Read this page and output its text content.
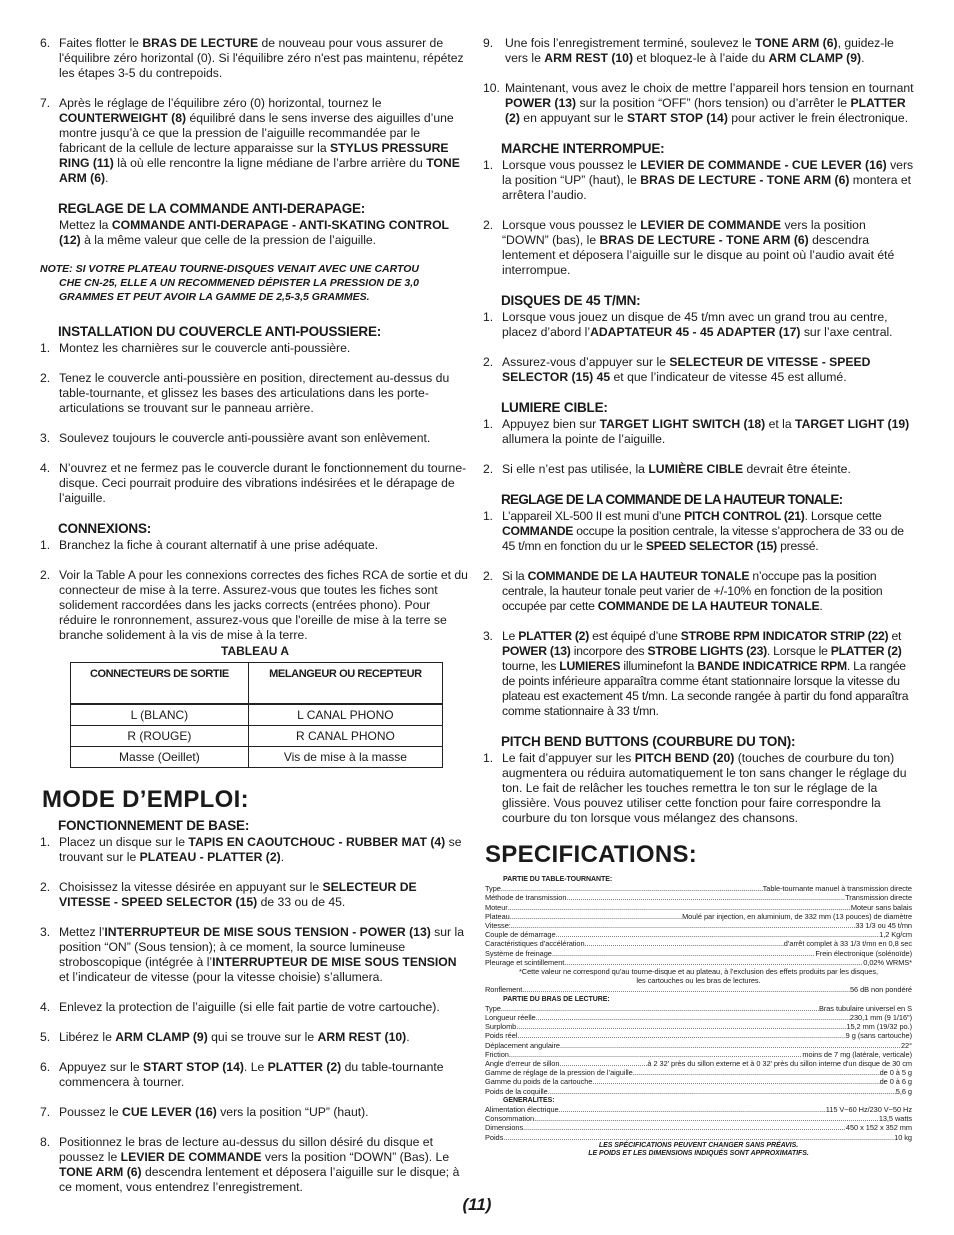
6. Faites flotter le BRAS DE LECTURE de nouveau pour vous assurer de l'équilibre zéro horizontal (0). Si l'équilibre zéro n'est pas maintenu, répétez les étapes 3-5 du contrepoids.
7. Après le réglage de l’équilibre zéro (0) horizontal, tournez le COUNTERWEIGHT (8) équilibré dans le sens inverse des aiguilles d’une montre jusqu’à ce que la pression de l’aiguille recommandée par le fabricant de la cellule de lecture apparaisse sur la STYLUS PRESSURE RING (11) là où elle rencontre la ligne médiane de l’arbre arrière du TONE ARM (6).
REGLAGE DE LA COMMANDE ANTI-DERAPAGE:
Mettez la COMMANDE ANTI-DERAPAGE - ANTI-SKATING CONTROL (12) à la même valeur que celle de la pression de l’aiguille.
NOTE: SI VOTRE PLATEAU TOURNE-DISQUES VENAIT AVEC UNE CARTOU
CHE CN-25, ELLE A UN RECOMMENED DÉPISTER LA PRESSION DE 3,0
GRAMMES ET PEUT AVOIR LA GAMME DE 2,5-3,5 GRAMMES.
INSTALLATION DU COUVERCLE ANTI-POUSSIERE:
1. Montez les charnières sur le couvercle anti-poussière.
2. Tenez le couvercle anti-poussière en position, directement au-dessus du table-tournante, et glissez les bases des articulations dans les porte-articulations se trouvant sur le panneau arrière.
3. Soulevez toujours le couvercle anti-poussière avant son enlèvement.
4. N’ouvrez et ne fermez pas le couvercle durant le fonctionnement du tourne-disque. Ceci pourrait produire des vibrations indésirées et le dérapage de l’aiguille.
CONNEXIONS:
1. Branchez la fiche à courant alternatif à une prise adéquate.
2. Voir la Table A pour les connexions correctes des fiches RCA de sortie et du connecteur de mise à la terre. Assurez-vous que toutes les fiches sont solidement raccordées dans les jacks corrects (entrées phono). Pour réduire le ronronnement, assurez-vous que l'oreille de mise à la terre se branche solidement à la vis de mise à la terre.
TABLEAU A
CONNECTEURS DE SORTIE	MELANGEUR OU RECEPTEUR

L (BLANC)	L CANAL PHONO
R (ROUGE)	R CANAL PHONO
Masse (Oeillet)	Vis de mise à la masse
MODE D’EMPLOI:
FONCTIONNEMENT DE BASE:
1. Placez un disque sur le TAPIS EN CAOUTCHOUC - RUBBER MAT (4) se trouvant sur le PLATEAU - PLATTER (2).
2. Choisissez la vitesse désirée en appuyant sur le SELECTEUR DE VITESSE - SPEED SELECTOR (15) de 33 ou de 45.
3. Mettez l’INTERRUPTEUR DE MISE SOUS TENSION - POWER (13) sur la position “ON” (Sous tension); à ce moment, la source lumineuse stroboscopique (intégrée à l’INTERRUPTEUR DE MISE SOUS TENSION et l’indicateur de vitesse (pour la vitesse choisie) s’allumera.
4. Enlevez la protection de l’aiguille (si elle fait partie de votre cartouche).
5. Libérez le ARM CLAMP (9) qui se trouve sur le ARM REST (10).
6. Appuyez sur le START STOP (14). Le PLATTER (2) du table-tournante commencera à tourner.
7. Poussez le CUE LEVER (16) vers la position “UP” (haut).
8. Positionnez le bras de lecture au-dessus du sillon désiré du disque et poussez le LEVIER DE COMMANDE vers la position “DOWN” (Bas). Le TONE ARM (6) descendra lentement et déposera l’aiguille sur le disque; à ce moment, vous entendrez l’enregistrement.
9. Une fois l’enregistrement terminé, soulevez le TONE ARM (6), guidez-le vers le ARM REST (10) et bloquez-le à l’aide du ARM CLAMP (9).
10. Maintenant, vous avez le choix de mettre l’appareil hors tension en tournant POWER (13) sur la position “OFF” (hors tension) ou d’arrêter le PLATTER (2) en appuyant sur le START STOP (14) pour activer le frein électronique.
MARCHE INTERROMPUE:
1. Lorsque vous poussez le LEVIER DE COMMANDE - CUE LEVER (16) vers la position “UP” (haut), le BRAS DE LECTURE - TONE ARM (6) montera et arrêtera l’audio.
2. Lorsque vous poussez le LEVIER DE COMMANDE vers la position “DOWN” (bas), le BRAS DE LECTURE - TONE ARM (6) descendra lentement et déposera l’aiguille sur le disque au point où l’audio avait été interrompue.
DISQUES DE 45 T/MN:
1. Lorsque vous jouez un disque de 45 t/mn avec un grand trou au centre, placez d’abord l’ADAPTATEUR 45 - 45 ADAPTER (17) sur l’axe central.
2. Assurez-vous d’appuyer sur le SELECTEUR DE VITESSE - SPEED SELECTOR (15) 45 et que l’indicateur de vitesse 45 est allumé.
LUMIERE CIBLE:
1. Appuyez bien sur TARGET LIGHT SWITCH (18) et la TARGET LIGHT (19) allumera la pointe de l’aiguille.
2. Si elle n’est pas utilisée, la LUMIÈRE CIBLE devrait être éteinte.
REGLAGE DE LA COMMANDE DE LA HAUTEUR TONALE:
1. L’appareil XL-500 II est muni d’une PITCH CONTROL (21). Lorsque cette COMMANDE occupe la position centrale, la vitesse s’approchera de 33 ou de 45 t/mn en fonction du ur le SPEED SELECTOR (15) pressé.
2. Si la COMMANDE DE LA HAUTEUR TONALE n’occupe pas la position centrale, la hauteur tonale peut varier de +/-10% en fonction de la position occupée par cette COMMANDE DE LA HAUTEUR TONALE.
3. Le PLATTER (2) est équipé d’une STROBE RPM INDICATOR STRIP (22) et POWER (13) incorpore des STROBE LIGHTS (23). Lorsque le PLATTER (2) tourne, les LUMIERES illuminefont la BANDE INDICATRICE RPM. La rangée de points inférieure apparaîtra comme étant stationnaire lorsque la vitesse du plateau est exactement 45 t/mn. La seconde rangée à partir du fond apparaîtra comme stationnaire à 33 t/mn.
PITCH BEND BUTTONS (COURBURE DU TON):
1. Le fait d’appuyer sur les PITCH BEND (20) (touches de courbure du ton) augmentera ou réduira automatiquement le ton sans changer le réglage du ton. Le fait de relâcher les touches remettra le ton sur le réglage de la glissière. Vous pouvez utiliser cette fonction pour faire correspondre la courbure du ton lorsque vous mélangez des chansons.
SPECIFICATIONS:
PARTIE DU TABLE-TOURNANTE:
Type .....	Table-tournante manuel à transmission directe
Méthode de transmission .....	Transmission directe
Moteur .....	Moteur sans balais
Plateau .....	Moulé par injection, en aluminium, de 332 mm (13 pouces) de diamètre
Vitesse: .....	33 1/3 ou 45 t/mn
Couple de démarrage .....	1,2 Kg/cm
Caractéristiques d’accélération .....	d’arrêt complet à 33 1/3 t/mn en 0,8 sec
Système de freinage .....	Frein électronique (solénoïde)
Pleurage et scintillement .....	0,02% WRMS*
*Cette valeur ne correspond qu’au tourne-disque et au plateau, à l’exclusion des effets produits par les disques,
les cartouches ou les bras de lectures.
Ronflement .....	56 dB non pondéré
PARTIE DU BRAS DE LECTURE:
Type .....	Bras tubulaire universel en S
Longueur réelle .....	230,1 mm (9 1/16")
Surplomb .....	15,2 mm (19/32 po.)
Poids réel .....	9 g (sans cartouche)
Déplacement angulaire .....	22°
Friction .....	moins de 7 mg (latérale, verticale)
Angle d’erreur de sillon .....	à 2 32' près du sillon externe et à 0 32' près du sillon interne d'un disque de 30 cm
Gamme de réglage de la pression de l’aiguille .....	de 0 à 5 g
Gamme du poids de la cartouche .....	de 0 à 6 g
Poids de la coquille .....	5,6 g
GENERALITES:
Alimentation électrique .....	115 V~60 Hz/230 V~50 Hz
Consommation .....	13,5 watts
Dimensions .....	450 x 152 x 352 mm
Poids .....	10 kg
LES SPÉCIFICATIONS PEUVENT CHANGER SANS PRÉAVIS.
LE POIDS ET LES DIMENSIONS INDIQUÉS SONT APPROXIMATIFS.
(11)
